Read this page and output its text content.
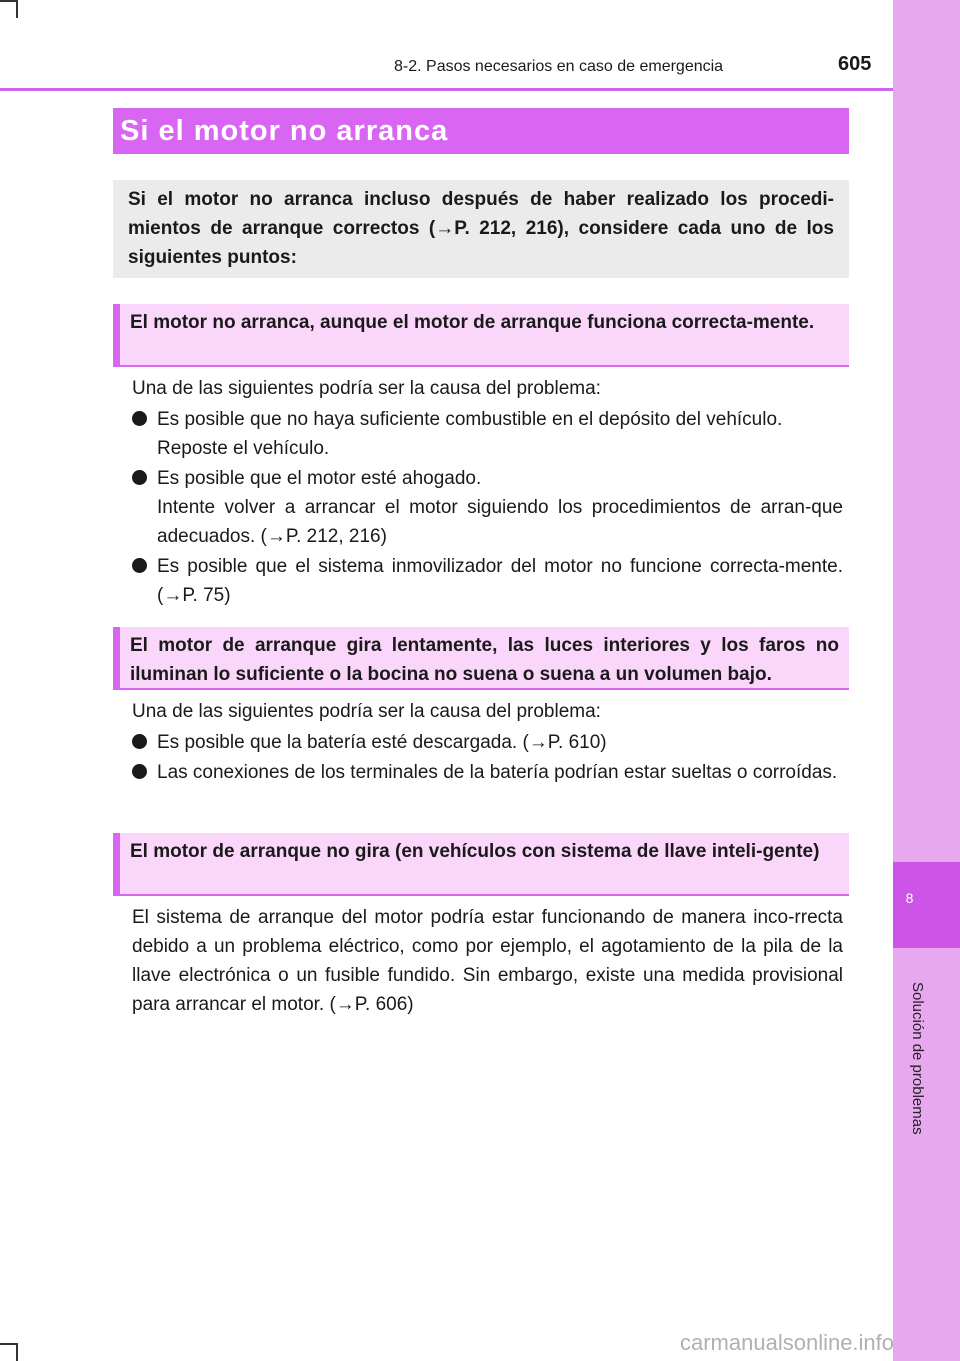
8
Solución de problemas
8-2. Pasos necesarios en caso de emergencia	605
Si el motor no arranca
Si el motor no arranca incluso después de haber realizado los procedi-mientos de arranque correctos (→P. 212, 216), considere cada uno de los siguientes puntos:
El motor no arranca, aunque el motor de arranque funciona correcta-mente.
Una de las siguientes podría ser la causa del problema:
Es posible que no haya suficiente combustible en el depósito del vehículo.
Reposte el vehículo.
Es posible que el motor esté ahogado.
Intente volver a arrancar el motor siguiendo los procedimientos de arran-que adecuados. (→P. 212, 216)
Es posible que el sistema inmovilizador del motor no funcione correcta-mente. (→P. 75)
El motor de arranque gira lentamente, las luces interiores y los faros no iluminan lo suficiente o la bocina no suena o suena a un volumen bajo.
Una de las siguientes podría ser la causa del problema:
Es posible que la batería esté descargada. (→P. 610)
Las conexiones de los terminales de la batería podrían estar sueltas o corroídas.
El motor de arranque no gira (en vehículos con sistema de llave inteli-gente)
El sistema de arranque del motor podría estar funcionando de manera inco-rrecta debido a un problema eléctrico, como por ejemplo, el agotamiento de la pila de la llave electrónica o un fusible fundido. Sin embargo, existe una medida provisional para arrancar el motor. (→P. 606)
carmanualsonline.info
